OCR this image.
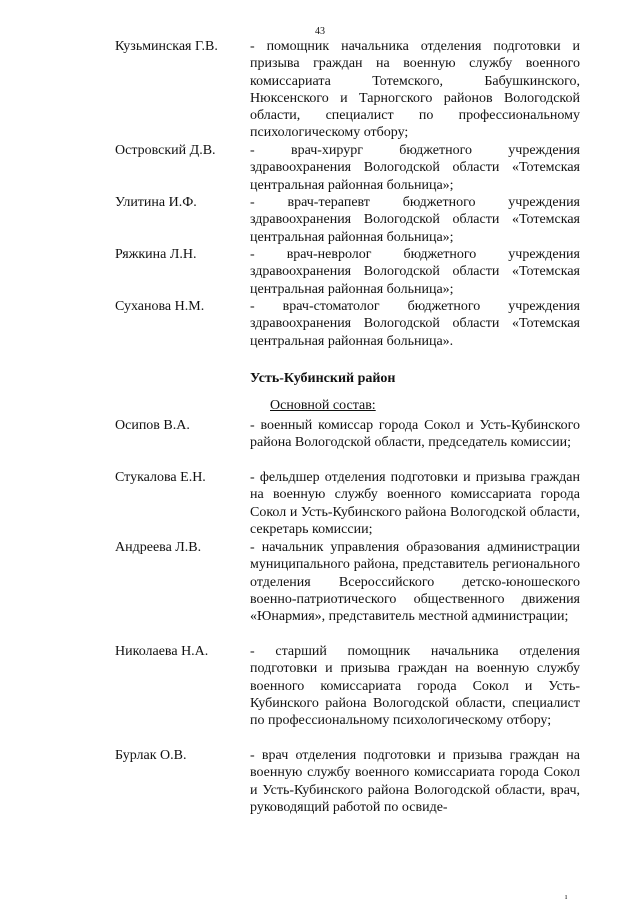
43
Кузьминская Г.В. - помощник начальника отделения подготовки и призыва граждан на военную службу военного комиссариата Тотемского, Бабушкинского, Нюксенского и Тарногского районов Вологодской области, специалист по профессиональному психологическому отбору;
Островский Д.В. - врач-хирург бюджетного учреждения здравоохранения Вологодской области «Тотемская центральная районная больница»;
Улитина И.Ф.	- врач-терапевт бюджетного учреждения здравоохранения Вологодской области «Тотемская центральная районная больница»;
Ряжкина Л.Н.	- врач-невролог бюджетного учреждения здравоохранения Вологодской области «Тотемская центральная районная больница»;
Суханова Н.М.	- врач-стоматолог бюджетного учреждения здравоохранения Вологодской области «Тотемская центральная районная больница».
Усть-Кубинский район
Основной состав:
Осипов В.А.	- военный комиссар города Сокол и Усть-Кубинского района Вологодской области, председатель комиссии;
Стукалова Е.Н.	- фельдшер отделения подготовки и призыва граждан на военную службу военного комиссариата города Сокол и Усть-Кубинского района Вологодской области, секретарь комиссии;
Андреева Л.В.	- начальник управления образования администрации муниципального района, представитель регионального отделения Всероссийского детско-юношеского военно-патриотического общественного движения «Юнармия», представитель местной администрации;
Николаева Н.А.	- старший помощник начальника отделения подготовки и призыва граждан на военную службу военного комиссариата города Сокол и Усть-Кубинского района Вологодской области, специалист по профессиональному психологическому отбору;
Бурлак О.В.	- врач отделения подготовки и призыва граждан на военную службу военного комиссариата города Сокол и Усть-Кубинского района Вологодской области, врач, руководящий работой по освиде-
ı
